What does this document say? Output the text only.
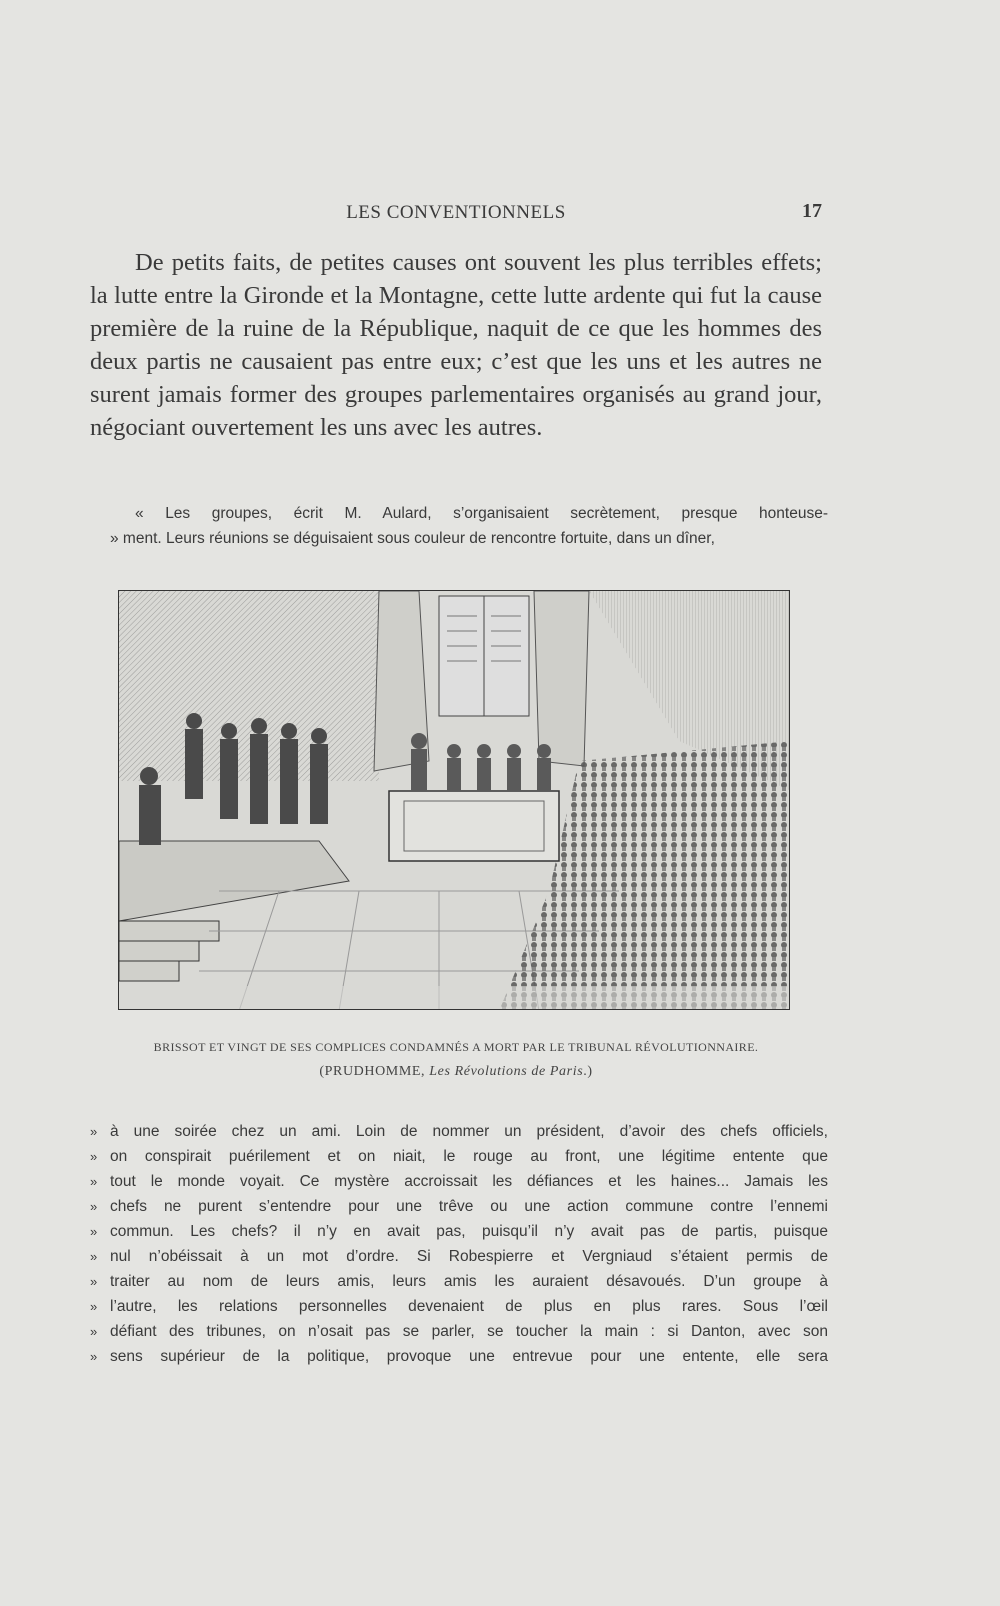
LES CONVENTIONNELS	17

De petits faits, de petites causes ont souvent les plus terribles effets; la lutte entre la Gironde et la Montagne, cette lutte ardente qui fut la cause première de la ruine de la République, naquit de ce que les hommes des deux partis ne causaient pas entre eux; c’est que les uns et les autres ne surent jamais former des groupes parlementaires organisés au grand jour, négociant ouvertement les uns avec les autres.

« Les groupes, écrit M. Aulard, s’organisaient secrètement, presque honteuse-
» ment. Leurs réunions se déguisaient sous couleur de rencontre fortuite, dans un dîner,
BRISSOT ET VINGT DE SES COMPLICES CONDAMNÉS A MORT PAR LE TRIBUNAL RÉVOLUTIONNAIRE.
(PRUDHOMME, Les Révolutions de Paris.)
» à une soirée chez un ami. Loin de nommer un président, d’avoir des chefs officiels,
» on conspirait puérilement et on niait, le rouge au front, une légitime entente que
» tout le monde voyait. Ce mystère accroissait les défiances et les haines... Jamais les
» chefs ne purent s’entendre pour une trêve ou une action commune contre l’ennemi
» commun. Les chefs? il n’y en avait pas, puisqu’il n’y avait pas de partis, puisque
» nul n’obéissait à un mot d’ordre. Si Robespierre et Vergniaud s’étaient permis de
» traiter au nom de leurs amis, leurs amis les auraient désavoués. D’un groupe à
» l’autre, les relations personnelles devenaient de plus en plus rares. Sous l’œil
» défiant des tribunes, on n’osait pas se parler, se toucher la main : si Danton, avec son
» sens supérieur de la politique, provoque une entrevue pour une entente, elle sera
